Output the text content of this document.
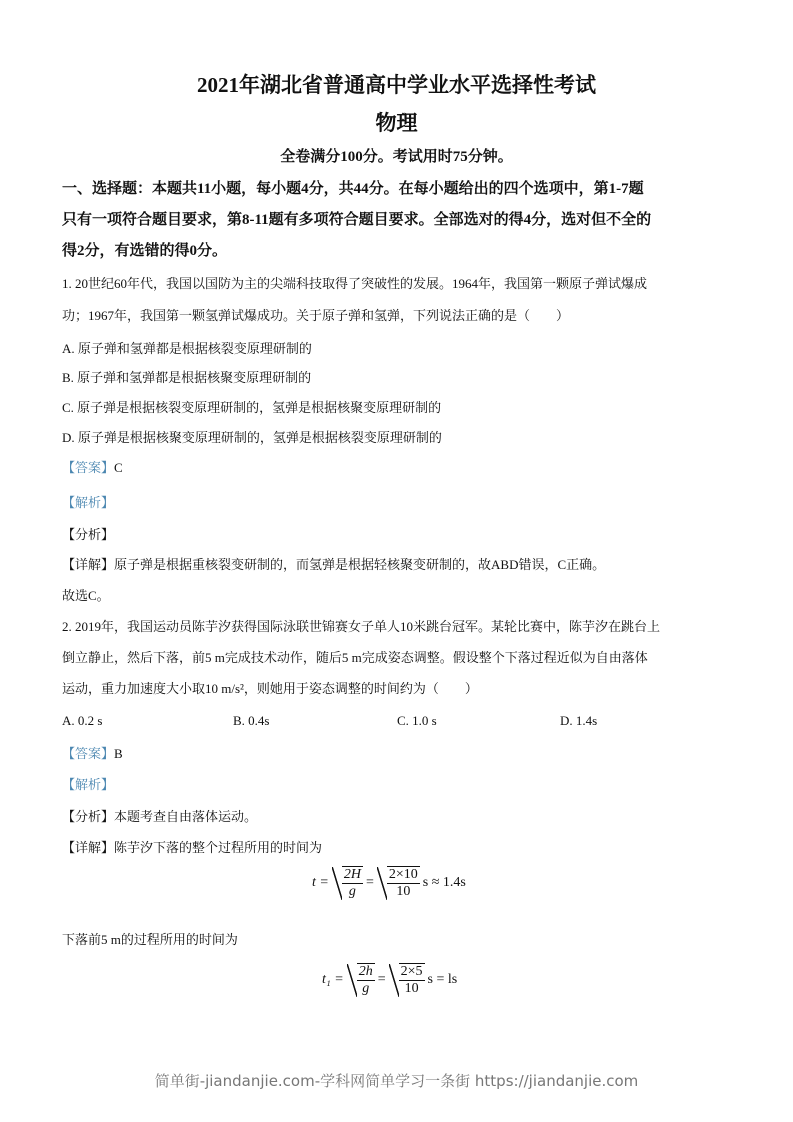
2021年湖北省普通高中学业水平选择性考试
物理
全卷满分100分。考试用时75分钟。
一、选择题：本题共11小题，每小题4分，共44分。在每小题给出的四个选项中，第1-7题
只有一项符合题目要求，第8-11题有多项符合题目要求。全部选对的得4分，选对但不全的
得2分，有选错的得0分。
1. 20世纪60年代，我国以国防为主的尖端科技取得了突破性的发展。1964年，我国第一颗原子弹试爆成
功；1967年，我国第一颗氢弹试爆成功。关于原子弹和氢弹，下列说法正确的是（　　）
A. 原子弹和氢弹都是根据核裂变原理研制的
B. 原子弹和氢弹都是根据核聚变原理研制的
C. 原子弹是根据核裂变原理研制的，氢弹是根据核聚变原理研制的
D. 原子弹是根据核聚变原理研制的，氢弹是根据核裂变原理研制的
【答案】C
【解析】
【分析】
【详解】原子弹是根据重核裂变研制的，而氢弹是根据轻核聚变研制的，故ABD错误，C正确。
故选C。
2. 2019年，我国运动员陈芋汐获得国际泳联世锦赛女子单人10米跳台冠军。某轮比赛中，陈芋汐在跳台上
倒立静止，然后下落，前5 m完成技术动作，随后5 m完成姿态调整。假设整个下落过程近似为自由落体
运动，重力加速度大小取10 m/s²，则她用于姿态调整的时间约为（　　）
A. 0.2 s	B. 0.4s	C. 1.0 s	D. 1.4s
【答案】B
【解析】
【分析】本题考查自由落体运动。
【详解】陈芋汐下落的整个过程所用的时间为
$t = \frac{2H}{g} = \frac{2\times 10}{10}$ s ≈ 1.4s
下落前5 m的过程所用的时间为
$t_1 = \frac{2h}{g} = \frac{2\times 5}{10}$ s = ls
简单街-jiandanjie.com-学科网简单学习一条街 https://jiandanjie.com
